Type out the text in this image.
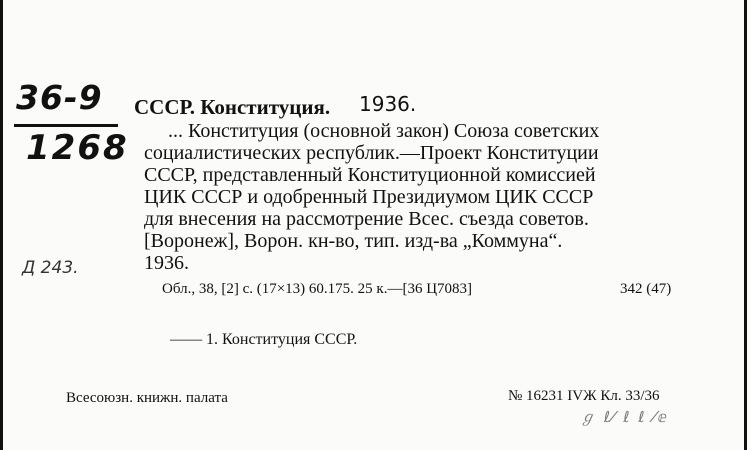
36-9
1268
Д 243.
СССР. Конституция. 1936.
... Конституция (основной закон) Союза советских
социалистических республик.—Проект Конституции
СССР, представленный Конституционной комиссией
ЦИК СССР и одобренный Президиумом ЦИК СССР
для внесения на рассмотрение Всес. съезда советов.
[Воронеж], Ворон. кн-во, тип. изд-ва „Коммуна“.
1936.
Обл., 38, [2] с. (17×13) 60.175. 25 к.—[36 Ц7083]	342 (47)
—— 1. Конституция СССР.
Всесоюзн. книжн. палата	№ 16231 IVЖ Кл. 33/36
ℊ ℓ⁄ ℓ ℓ ⁄ⅇ
